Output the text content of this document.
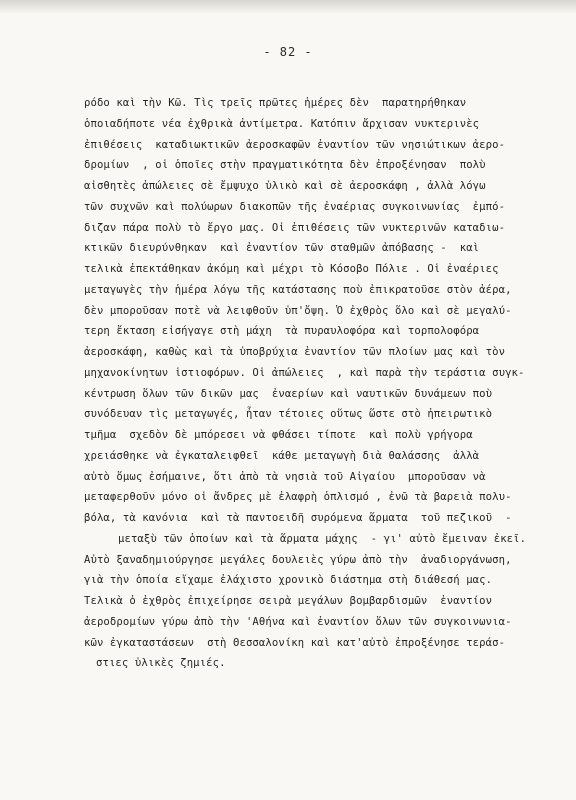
- 82 -
ρόδο καὶ τὴν Κῶ. Τὶς τρεῖς πρῶτες ἡμέρες δὲν  παρατηρήθηκαν
ὁποιαδήποτε νέα ἐχθρικὰ ἀντίμετρα. Κατόπιν ἄρχισαν νυκτερινὲς
ἐπιθέσεις  καταδιωκτικῶν ἀεροσκαφῶν ἐναντίον τῶν νησιώτικων ἀερο-
δρομίων  , οἱ ὁποῖες στὴν πραγματικότητα δὲν ἐπροξένησαν  πολὺ
αἰσθητὲς ἀπώλειες σὲ ἔμψυχο ὑλικὸ καὶ σὲ ἀεροσκάφη , ἀλλὰ λόγω
τῶν συχνῶν καὶ πολύωρων διακοπῶν τῆς ἐναέριας συγκοινωνίας  ἐμπό-
διζαν πάρα πολὺ τὸ ἔργο μας. Οἱ ἐπιθέσεις τῶν νυκτερινῶν καταδιω-
κτικῶν διευρύνθηκαν  καὶ ἐναντίον τῶν σταθμῶν ἀπόβασης -  καὶ
τελικὰ ἐπεκτάθηκαν ἀκόμη καὶ μέχρι τὸ Κόσοβο Πόλιε . Οἱ ἐναέριες
μεταγωγὲς τὴν ἡμέρα λόγω τῆς κατάστασης ποὺ ἐπικρατοῦσε στὸν ἀέρα,
δὲν μποροῦσαν ποτὲ νὰ λειφθοῦν ὑπ'ὄψη. Ὁ ἐχθρὸς ὅλο καὶ σὲ μεγαλύ-
τερη ἔκταση εἰσήγαγε στὴ μάχη  τὰ πυραυλοφόρα καὶ τορπολοφόρα
ἀεροσκάφη, καθὼς καὶ τὰ ὑποβρύχια ἐναντίον τῶν πλοίων μας καὶ τὸν
μηχανοκίνητων ἱστιοφόρων. Οἱ ἀπώλειες  , καὶ παρὰ τὴν τεράστια συγκ-
κέντρωση ὅλων τῶν δικῶν μας  ἐναερίων καὶ ναυτικῶν δυνάμεων ποὺ
συνόδευαν τὶς μεταγωγές, ἦταν τέτοιες οὕτως ὥστε στὸ ἠπειρωτικὸ
τμῆμα  σχεδὸν δὲ μπόρεσει νὰ φθάσει τίποτε  καὶ πολὺ γρήγορα
χρειάσθηκε νὰ ἐγκαταλειφθεῖ  κάθε μεταγωγὴ διὰ θαλάσσης  ἀλλὰ
αὐτὸ ὅμως ἐσήμαινε, ὅτι ἀπὸ τὰ νησιὰ τοῦ Αἰγαίου  μποροῦσαν νὰ
μεταφερθοῦν μόνο οἱ ἄνδρες μὲ ἐλαφρὴ ὁπλισμό , ἐνῶ τὰ βαρειὰ πολυ-
βόλα, τὰ κανόνια  καὶ τὰ παντοειδῆ συρόμενα ἅρματα  τοῦ πεζικοῦ  -
μεταξὺ τῶν ὁποίων καὶ τὰ ἅρματα μάχης  - γι' αὐτὸ ἔμειναν ἐκεῖ.
Αὐτὸ ξαναδημιούργησε μεγάλες δουλειὲς γύρω ἀπὸ τὴν  ἀναδιοργάνωση,
γιὰ τὴν ὁποία εἴχαμε ἐλάχιστο χρονικὸ διάστημα στὴ διάθεσή μας.
Τελικὰ ὁ ἐχθρὸς ἐπιχείρησε σειρὰ μεγάλων βομβαρδισμῶν  ἐναντίον
ἀεροδρομίων γύρω ἀπὸ τὴν 'Αθήνα καὶ ἐναντίον ὅλων τῶν συγκοινωνια-
κῶν ἐγκαταστάσεων  στὴ Θεσσαλονίκη καὶ κατ'αὐτὸ ἐπροξένησε τεράσ-
στιες ὑλικὲς ζημιές.
